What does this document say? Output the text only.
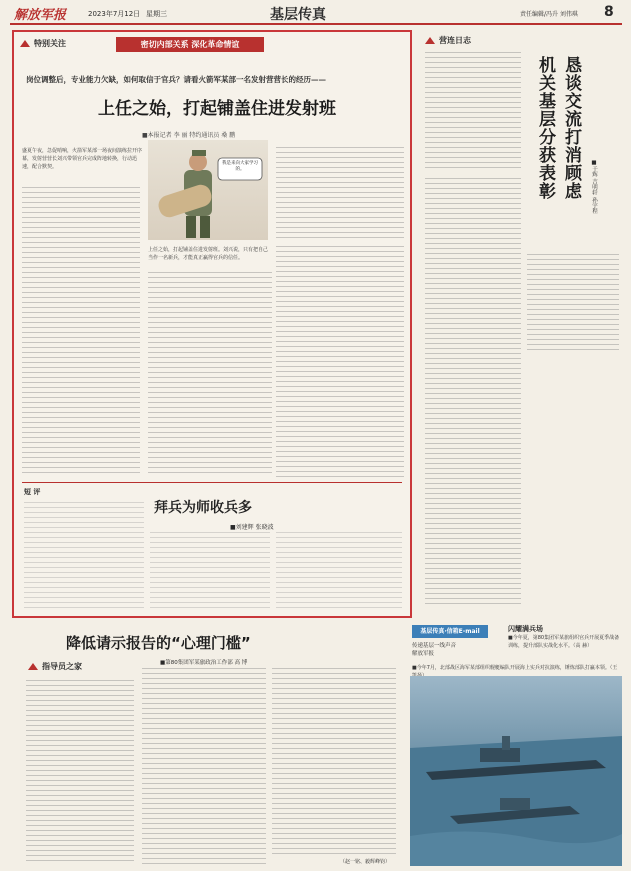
解放军报	2023年7月12日 星期三	基层传真	责任编辑/冯升 刘伟琪 8
特别关注	密切内部关系 深化革命情谊
岗位调整后，专业能力欠缺，如何取信于官兵？请看火箭军某部一名发射营营长的经历——
上任之始，打起铺盖住进发射班
■本报记者 李 丽 特约通讯员 桑 鹏
我是来向大家学习的。
盛夏午夜，急促哨响，火箭军某部一场夜间演练拉开序幕，发射营营长刘兴带领官兵完成阵地转换，行动迅速，配合默契。
上任之始，打起铺盖住进发射班。刘兴说，只有把自己当作一名新兵，才能真正赢得官兵的信任。
短 评
拜兵为师收兵多
■刘建辉 张晓波
营连日志
恳谈交流打消顾虑 机关基层分获表彰	■于辉 吉明轩 孙宇程
降低请示报告的“心理门槛”
■第80集团军某旅政治工作部 高 博
指导员之家
（赵一铭、毅辉峰钧）
基层传真·信箱E-mail
传递基层一线声音
解放军报
闪耀满兵场
■今年夏，第80集团军某旅组织官兵开展夏季战备训练，提升部队实战化水平。（高 赫）
■今年7月，北部战区海军某部组织舰艇编队开展海上实兵对抗演练，锤炼部队打赢本领。（王
